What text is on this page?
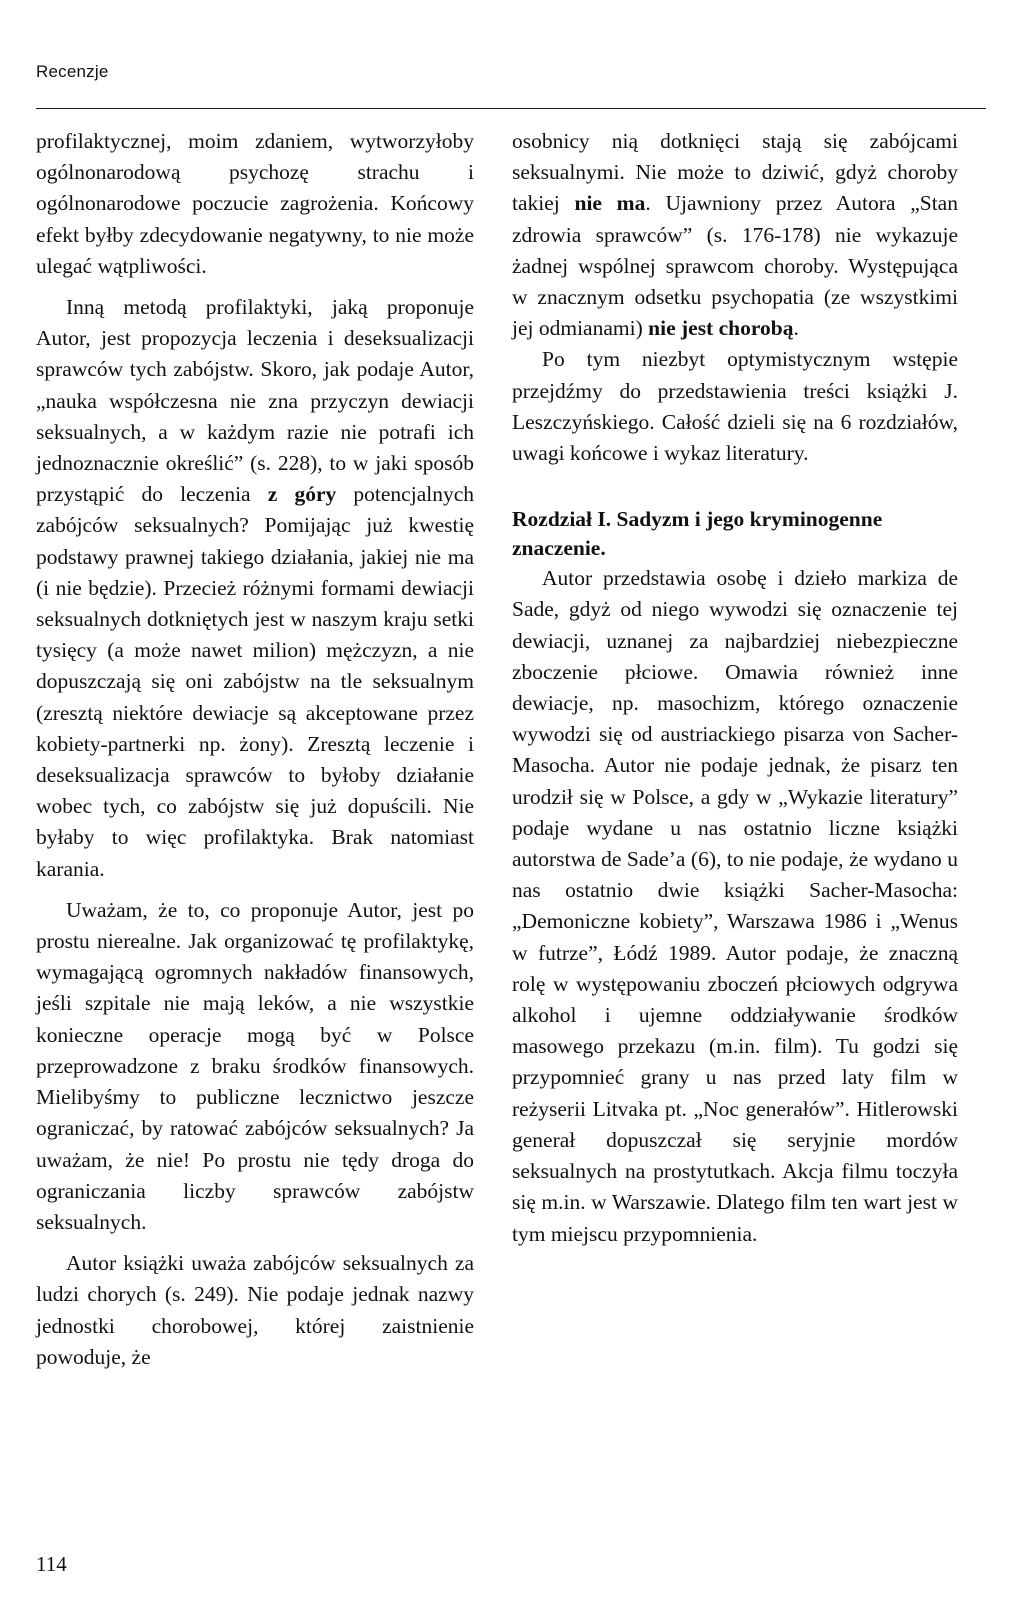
Recenzje

profilaktycznej, moim zdaniem, wytworzyłoby ogólnonarodową psychozę strachu i ogólnonarodowe poczucie zagrożenia. Końcowy efekt byłby zdecydowanie negatywny, to nie może ulegać wątpliwości.

Inną metodą profilaktyki, jaką proponuje Autor, jest propozycja leczenia i deseksualizacji sprawców tych zabójstw. Skoro, jak podaje Autor, „nauka współczesna nie zna przyczyn dewiacji seksualnych, a w każdym razie nie potrafi ich jednoznacznie określić” (s. 228), to w jaki sposób przystąpić do leczenia z góry potencjalnych zabójców seksualnych? Pomijając już kwestię podstawy prawnej takiego działania, jakiej nie ma (i nie będzie). Przecież różnymi formami dewiacji seksualnych dotkniętych jest w naszym kraju setki tysięcy (a może nawet milion) mężczyzn, a nie dopuszczają się oni zabójstw na tle seksualnym (zresztą niektóre dewiacje są akceptowane przez kobiety-partnerki np. żony). Zresztą leczenie i deseksualizacja sprawców to byłoby działanie wobec tych, co zabójstw się już dopuścili. Nie byłaby to więc profilaktyka. Brak natomiast karania.

Uważam, że to, co proponuje Autor, jest po prostu nierealne. Jak organizować tę profilaktykę, wymagającą ogromnych nakładów finansowych, jeśli szpitale nie mają leków, a nie wszystkie konieczne operacje mogą być w Polsce przeprowadzone z braku środków finansowych. Mielibyśmy to publiczne lecznictwo jeszcze ograniczać, by ratować zabójców seksualnych? Ja uważam, że nie! Po prostu nie tędy droga do ograniczania liczby sprawców zabójstw seksualnych.

Autor książki uważa zabójców seksualnych za ludzi chorych (s. 249). Nie podaje jednak nazwy jednostki chorobowej, której zaistnienie powoduje, że

osobnicy nią dotknięci stają się zabójcami seksualnymi. Nie może to dziwić, gdyż choroby takiej nie ma. Ujawniony przez Autora „Stan zdrowia sprawców” (s. 176-178) nie wykazuje żadnej wspólnej sprawcom choroby. Występująca w znacznym odsetku psychopatia (ze wszystkimi jej odmianami) nie jest chorobą.

Po tym niezbyt optymistycznym wstępie przejdźmy do przedstawienia treści książki J. Leszczyńskiego. Całość dzieli się na 6 rozdziałów, uwagi końcowe i wykaz literatury.

Rozdział I. Sadyzm i jego kryminogenne znaczenie.

Autor przedstawia osobę i dzieło markiza de Sade, gdyż od niego wywodzi się oznaczenie tej dewiacji, uznanej za najbardziej niebezpieczne zboczenie płciowe. Omawia również inne dewiacje, np. masochizm, którego oznaczenie wywodzi się od austriackiego pisarza von Sacher-Masocha. Autor nie podaje jednak, że pisarz ten urodził się w Polsce, a gdy w „Wykazie literatury” podaje wydane u nas ostatnio liczne książki autorstwa de Sade’a (6), to nie podaje, że wydano u nas ostatnio dwie książki Sacher-Masocha: „Demoniczne kobiety”, Warszawa 1986 i „Wenus w futrze”, Łódź 1989. Autor podaje, że znaczną rolę w występowaniu zboczeń płciowych odgrywa alkohol i ujemne oddziaływanie środków masowego przekazu (m.in. film). Tu godzi się przypomnieć grany u nas przed laty film w reżyserii Litvaka pt. „Noc generałów”. Hitlerowski generał dopuszczał się seryjnie mordów seksualnych na prostytutkach. Akcja filmu toczyła się m.in. w Warszawie. Dlatego film ten wart jest w tym miejscu przypomnienia.

114
